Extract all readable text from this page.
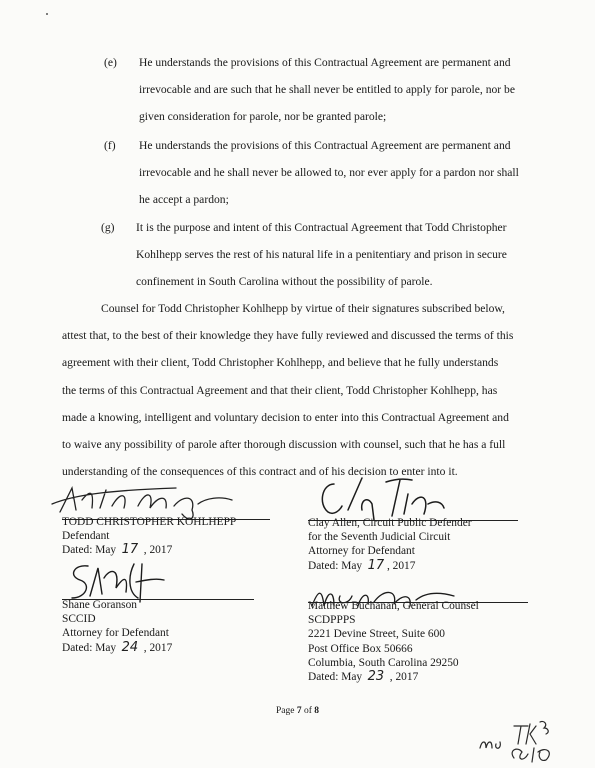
(e) He understands the provisions of this Contractual Agreement are permanent and
irrevocable and are such that he shall never be entitled to apply for parole, nor be
given consideration for parole, nor be granted parole;
(f) He understands the provisions of this Contractual Agreement are permanent and
irrevocable and he shall never be allowed to, nor ever apply for a pardon nor shall
he accept a pardon;
(g) It is the purpose and intent of this Contractual Agreement that Todd Christopher
Kohlhepp serves the rest of his natural life in a penitentiary and prison in secure
confinement in South Carolina without the possibility of parole.
Counsel for Todd Christopher Kohlhepp by virtue of their signatures subscribed below,
attest that, to the best of their knowledge they have fully reviewed and discussed the terms of this
agreement with their client, Todd Christopher Kohlhepp, and believe that he fully understands
the terms of this Contractual Agreement and that their client, Todd Christopher Kohlhepp, has
made a knowing, intelligent and voluntary decision to enter into this Contractual Agreement and
to waive any possibility of parole after thorough discussion with counsel, such that he has a full
understanding of the consequences of this contract and of his decision to enter into it.
TODD CHRISTOPHER KOHLHEPP
Defendant
Dated: May 17 , 2017
Clay Allen, Circuit Public Defender
for the Seventh Judicial Circuit
Attorney for Defendant
Dated: May 17 , 2017
Shane Goranson
SCCID
Attorney for Defendant
Dated: May 24 , 2017
Matthew Buchanan, General Counsel
SCDPPPS
2221 Devine Street, Suite 600
Post Office Box 50666
Columbia, South Carolina 29250
Dated: May 23 , 2017
Page 7 of 8
